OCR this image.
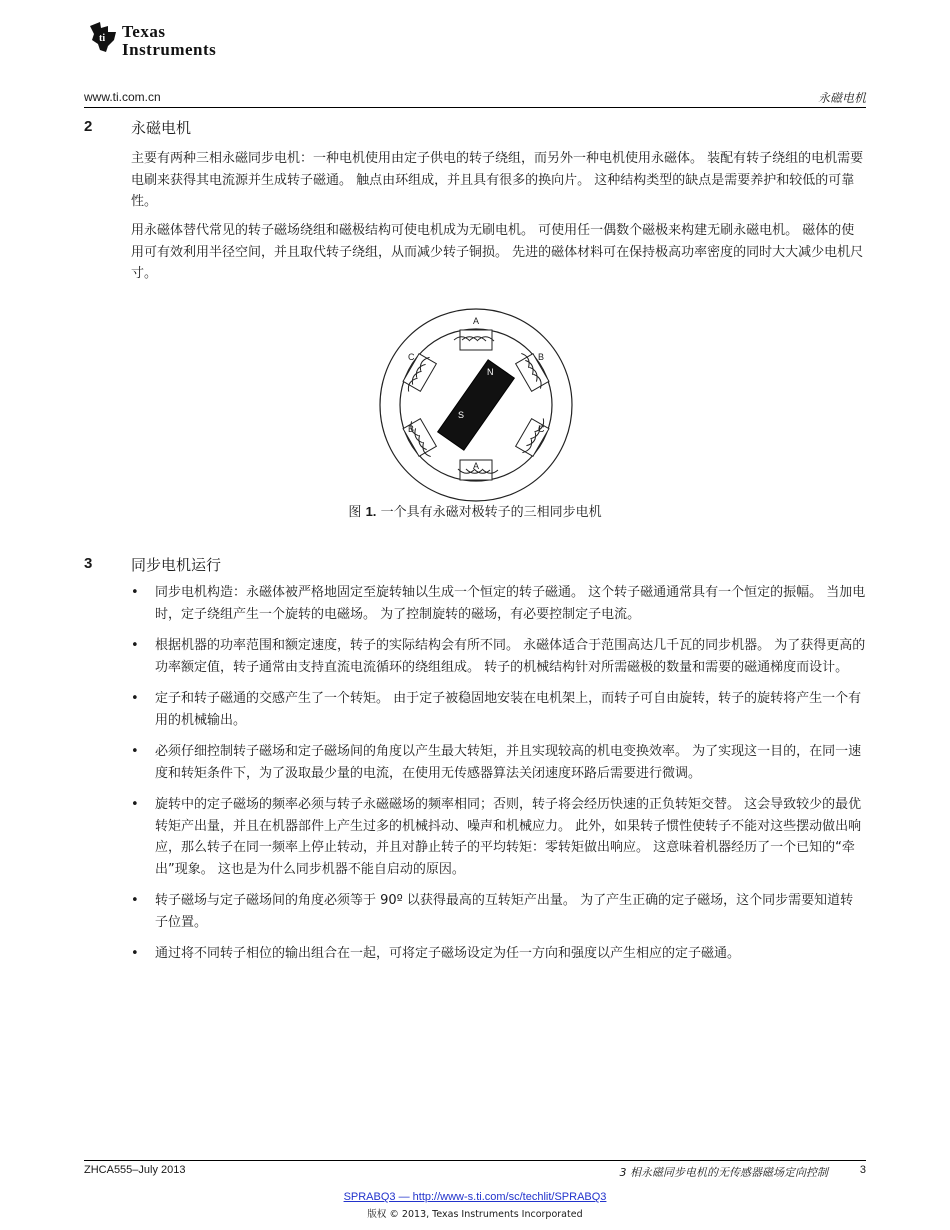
ti Texas
Instruments
www.ti.com.cn	永磁电机
2	永磁电机

主要有两种三相永磁同步电机：一种电机使用由定子供电的转子绕组，而另外一种电机使用永磁体。 装配有转子绕组的电机需要电刷来获得其电流源并生成转子磁通。 触点由环组成，并且具有很多的换向片。 这种结构类型的缺点是需要养护和较低的可靠性。

用永磁体替代常见的转子磁场绕组和磁极结构可使电机成为无刷电机。 可使用任一偶数个磁极来构建无刷永磁电机。 磁体的使用可有效利用半径空间，并且取代转子绕组，从而减少转子铜损。 先进的磁体材料可在保持极高功率密度的同时大大减少电机尺寸。

N
S
A
A
C	B
B	C
图 1. 一个具有永磁对极转子的三相同步电机
3	同步电机运行
• 同步电机构造：永磁体被严格地固定至旋转轴以生成一个恒定的转子磁通。 这个转子磁通通常具有一个恒定的振幅。 当加电时，定子绕组产生一个旋转的电磁场。 为了控制旋转的磁场，有必要控制定子电流。
• 根据机器的功率范围和额定速度，转子的实际结构会有所不同。 永磁体适合于范围高达几千瓦的同步机器。 为了获得更高的功率额定值，转子通常由支持直流电流循环的绕组组成。 转子的机械结构针对所需磁极的数量和需要的磁通梯度而设计。
• 定子和转子磁通的交感产生了一个转矩。 由于定子被稳固地安装在电机架上，而转子可自由旋转，转子的旋转将产生一个有用的机械输出。
• 必须仔细控制转子磁场和定子磁场间的角度以产生最大转矩，并且实现较高的机电变换效率。 为了实现这一目的，在同一速度和转矩条件下，为了汲取最少量的电流，在使用无传感器算法关闭速度环路后需要进行微调。
• 旋转中的定子磁场的频率必须与转子永磁磁场的频率相同；否则，转子将会经历快速的正负转矩交替。 这会导致较少的最优转矩产出量，并且在机器部件上产生过多的机械抖动、噪声和机械应力。 此外，如果转子惯性使转子不能对这些摆动做出响应，那么转子在同一频率上停止转动，并且对静止转子的平均转矩：零转矩做出响应。 这意味着机器经历了一个已知的“牵出”现象。 这也是为什么同步机器不能自启动的原因。
• 转子磁场与定子磁场间的角度必须等于 90º 以获得最高的互转矩产出量。 为了产生正确的定子磁场，这个同步需要知道转子位置。
• 通过将不同转子相位的输出组合在一起，可将定子磁场设定为任一方向和强度以产生相应的定子磁通。
ZHCA555–July 2013	3 相永磁同步电机的无传感器磁场定向控制	3
SPRABQ3 — http://www-s.ti.com/sc/techlit/SPRABQ3
版权 © 2013, Texas Instruments Incorporated
